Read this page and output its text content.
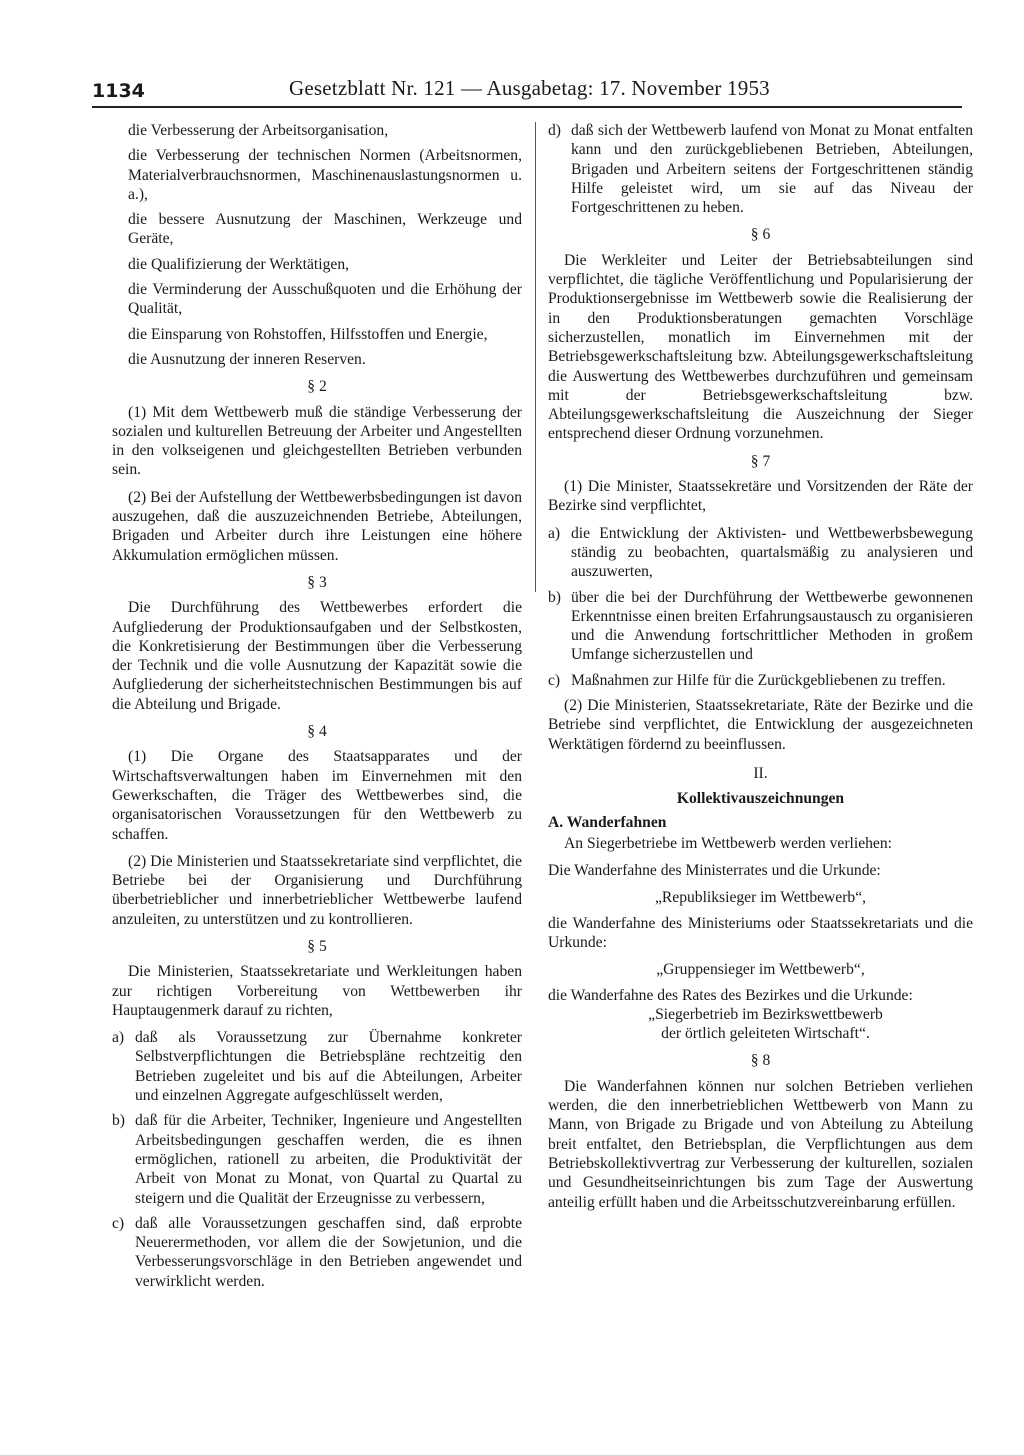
1134	Gesetzblatt Nr. 121 — Ausgabetag: 17. November 1953

die Verbesserung der Arbeitsorganisation,

die Verbesserung der technischen Normen (Arbeitsnormen, Materialverbrauchsnormen, Maschinenauslastungsnormen u. a.),

die bessere Ausnutzung der Maschinen, Werkzeuge und Geräte,

die Qualifizierung der Werktätigen,

die Verminderung der Ausschußquoten und die Erhöhung der Qualität,

die Einsparung von Rohstoffen, Hilfsstoffen und Energie,

die Ausnutzung der inneren Reserven.

§ 2

(1) Mit dem Wettbewerb muß die ständige Verbesserung der sozialen und kulturellen Betreuung der Arbeiter und Angestellten in den volkseigenen und gleichgestellten Betrieben verbunden sein.

(2) Bei der Aufstellung der Wettbewerbsbedingungen ist davon auszugehen, daß die auszuzeichnenden Betriebe, Abteilungen, Brigaden und Arbeiter durch ihre Leistungen eine höhere Akkumulation ermöglichen müssen.

§ 3

Die Durchführung des Wettbewerbes erfordert die Aufgliederung der Produktionsaufgaben und der Selbstkosten, die Konkretisierung der Bestimmungen über die Verbesserung der Technik und die volle Ausnutzung der Kapazität sowie die Aufgliederung der sicherheitstechnischen Bestimmungen bis auf die Abteilung und Brigade.

§ 4

(1) Die Organe des Staatsapparates und der Wirtschaftsverwaltungen haben im Einvernehmen mit den Gewerkschaften, die Träger des Wettbewerbes sind, die organisatorischen Voraussetzungen für den Wettbewerb zu schaffen.

(2) Die Ministerien und Staatssekretariate sind verpflichtet, die Betriebe bei der Organisierung und Durchführung überbetrieblicher und innerbetrieblicher Wettbewerbe laufend anzuleiten, zu unterstützen und zu kontrollieren.

§ 5

Die Ministerien, Staatssekretariate und Werkleitungen haben zur richtigen Vorbereitung von Wettbewerben ihr Hauptaugenmerk darauf zu richten,

a) daß als Voraussetzung zur Übernahme konkreter Selbstverpflichtungen die Betriebspläne rechtzeitig den Betrieben zugeleitet und bis auf die Abteilungen, Arbeiter und einzelnen Aggregate aufgeschlüsselt werden,
b) daß für die Arbeiter, Techniker, Ingenieure und Angestellten Arbeitsbedingungen geschaffen werden, die es ihnen ermöglichen, rationell zu arbeiten, die Produktivität der Arbeit von Monat zu Monat, von Quartal zu Quartal zu steigern und die Qualität der Erzeugnisse zu verbessern,
c) daß alle Voraussetzungen geschaffen sind, daß erprobte Neuerermethoden, vor allem die der Sowjetunion, und die Verbesserungsvorschläge in den Betrieben angewendet und verwirklicht werden.
d) daß sich der Wettbewerb laufend von Monat zu Monat entfalten kann und den zurückgebliebenen Betrieben, Abteilungen, Brigaden und Arbeitern seitens der Fortgeschrittenen ständig Hilfe geleistet wird, um sie auf das Niveau der Fortgeschrittenen zu heben.

§ 6

Die Werkleiter und Leiter der Betriebsabteilungen sind verpflichtet, die tägliche Veröffentlichung und Popularisierung der Produktionsergebnisse im Wettbewerb sowie die Realisierung der in den Produktionsberatungen gemachten Vorschläge sicherzustellen, monatlich im Einvernehmen mit der Betriebsgewerkschaftsleitung bzw. Abteilungsgewerkschaftsleitung die Auswertung des Wettbewerbes durchzuführen und gemeinsam mit der Betriebsgewerkschaftsleitung bzw. Abteilungsgewerkschaftsleitung die Auszeichnung der Sieger entsprechend dieser Ordnung vorzunehmen.

§ 7

(1) Die Minister, Staatssekretäre und Vorsitzenden der Räte der Bezirke sind verpflichtet,

a) die Entwicklung der Aktivisten- und Wettbewerbsbewegung ständig zu beobachten, quartalsmäßig zu analysieren und auszuwerten,
b) über die bei der Durchführung der Wettbewerbe gewonnenen Erkenntnisse einen breiten Erfahrungsaustausch zu organisieren und die Anwendung fortschrittlicher Methoden in großem Umfange sicherzustellen und
c) Maßnahmen zur Hilfe für die Zurückgebliebenen zu treffen.

(2) Die Ministerien, Staatssekretariate, Räte der Bezirke und die Betriebe sind verpflichtet, die Entwicklung der ausgezeichneten Werktätigen fördernd zu beeinflussen.

II.

Kollektivauszeichnungen

A. Wanderfahnen

An Siegerbetriebe im Wettbewerb werden verliehen:

Die Wanderfahne des Ministerrates und die Urkunde:

„Republiksieger im Wettbewerb“,

die Wanderfahne des Ministeriums oder Staatssekretariats und die Urkunde:

„Gruppensieger im Wettbewerb“,

die Wanderfahne des Rates des Bezirkes und die Urkunde:

„Siegerbetrieb im Bezirkswettbewerb

der örtlich geleiteten Wirtschaft“.

§ 8

Die Wanderfahnen können nur solchen Betrieben verliehen werden, die den innerbetrieblichen Wettbewerb von Mann zu Mann, von Brigade zu Brigade und von Abteilung zu Abteilung breit entfaltet, den Betriebsplan, die Verpflichtungen aus dem Betriebskollektivvertrag zur Verbesserung der kulturellen, sozialen und Gesundheitseinrichtungen bis zum Tage der Auswertung anteilig erfüllt haben und die Arbeitsschutzvereinbarung erfüllen.
